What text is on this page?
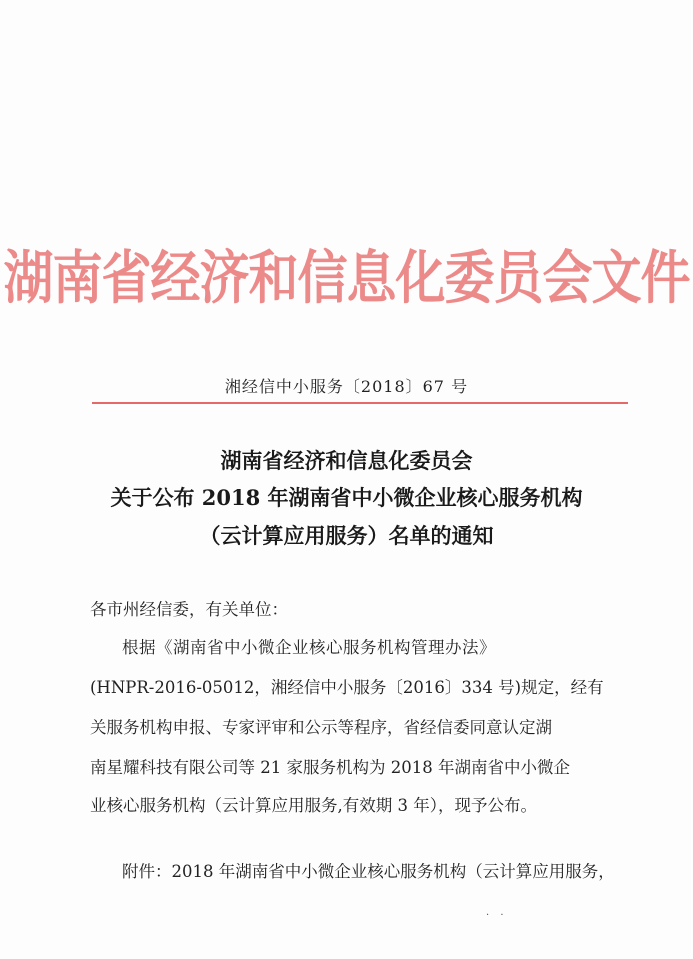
湖南省经济和信息化委员会文件
湘经信中小服务〔2018〕67 号
湖南省经济和信息化委员会
关于公布 2018 年湖南省中小微企业核心服务机构
（云计算应用服务）名单的通知
各市州经信委，有关单位：
根据《湖南省中小微企业核心服务机构管理办法》
(HNPR-2016-05012，湘经信中小服务〔2016〕334 号)规定，经有
关服务机构申报、专家评审和公示等程序，省经信委同意认定湖
南星耀科技有限公司等 21 家服务机构为 2018 年湖南省中小微企
业核心服务机构（云计算应用服务,有效期 3 年），现予公布。
附件：2018 年湖南省中小微企业核心服务机构（云计算应用服务，
· ·
